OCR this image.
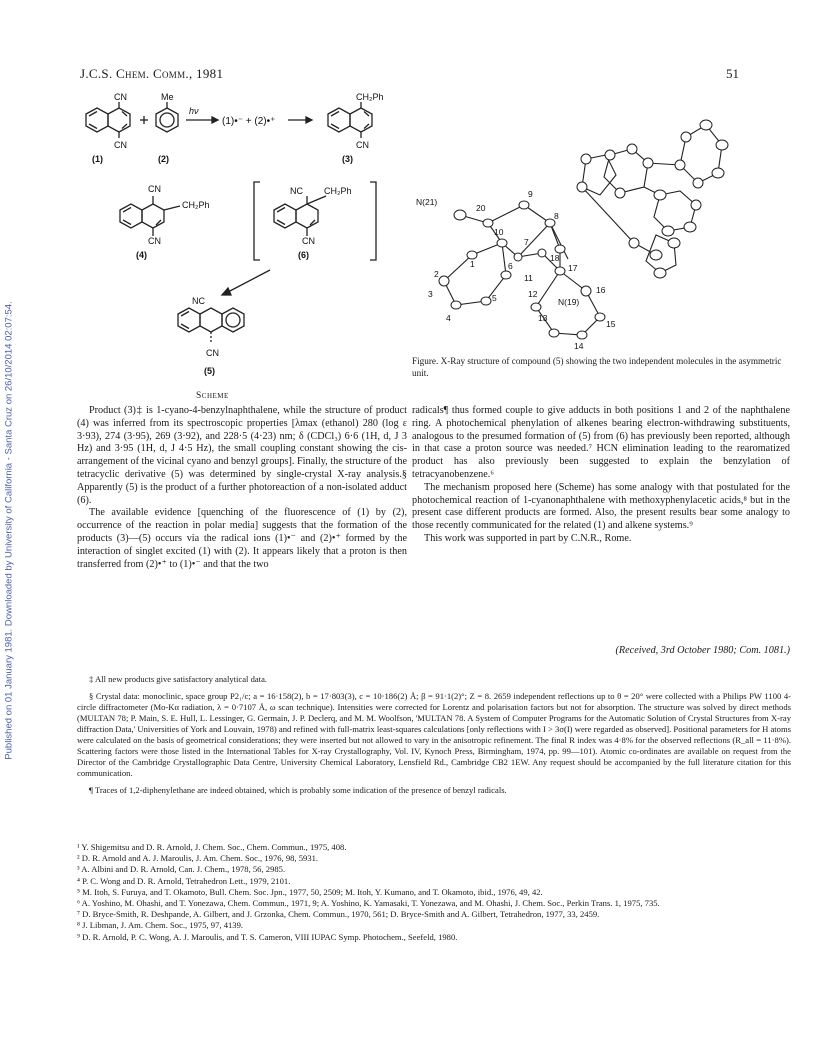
Published on 01 January 1981. Downloaded by University of California - Santa Cruz on 26/10/2014 02:07:54.
J.C.S. Chem. Comm., 1981	51
CN
CN
Me
hν
(1)•⁻ + (2)•⁺
CH₂Ph
CN
CN
CH₂Ph
CN
NC CH₂Ph
CN
NC
CN
(1)	(2)	(3)
(4)	(6)
(5)
Scheme
N(21)
20
9
10
8
7
1
2
6
11
18
17
3	5	12	16
4
N(19)
13
15
14
Figure. X-Ray structure of compound (5) showing the two independent molecules in the asymmetric unit.

Product (3)‡ is 1-cyano-4-benzylnaphthalene, while the structure of product (4) was inferred from its spectroscopic properties [λmax (ethanol) 280 (log ε 3·93), 274 (3·95), 269 (3·92), and 228·5 (4·23) nm; δ (CDCl₃) 6·6 (1H, d, J 3 Hz) and 3·95 (1H, d, J 4·5 Hz), the small coupling constant showing the cis-arrangement of the vicinal cyano and benzyl groups]. Finally, the structure of the tetracyclic derivative (5) was determined by single-crystal X-ray analysis.§ Apparently (5) is the product of a further photoreaction of a non-isolated adduct (6).

The available evidence [quenching of the fluorescence of (1) by (2), occurrence of the reaction in polar media] suggests that the formation of the products (3)—(5) occurs via the radical ions (1)•⁻ and (2)•⁺ formed by the interaction of singlet excited (1) with (2). It appears likely that a proton is then transferred from (2)•⁺ to (1)•⁻ and that the two

radicals¶ thus formed couple to give adducts in both positions 1 and 2 of the naphthalene ring. A photochemical phenylation of alkenes bearing electron-withdrawing substituents, analogous to the presumed formation of (5) from (6) has previously been reported, although in that case a proton source was needed.⁷ HCN elimination leading to the rearomatized product has also previously been suggested to explain the benzylation of tetracyanobenzene.⁶

The mechanism proposed here (Scheme) has some analogy with that postulated for the photochemical reaction of 1-cyanonaphthalene with methoxyphenylacetic acids,⁸ but in the present case different products are formed. Also, the present results bear some analogy to those recently communicated for the related (1) and alkene systems.⁹

This work was supported in part by C.N.R., Rome.

(Received, 3rd October 1980; Com. 1081.)

‡ All new products give satisfactory analytical data.

§ Crystal data: monoclinic, space group P2₁/c; a = 16·158(2), b = 17·803(3), c = 10·186(2) Å; β = 91·1(2)°; Z = 8. 2659 independent reflections up to θ = 20° were collected with a Philips PW 1100 4-circle diffractometer (Mo-Kα radiation, λ = 0·7107 Å, ω scan technique). Intensities were corrected for Lorentz and polarisation factors but not for absorption. The structure was solved by direct methods (MULTAN 78; P. Main, S. E. Hull, L. Lessinger, G. Germain, J. P. Declerq, and M. M. Woolfson, 'MULTAN 78. A System of Computer Programs for the Automatic Solution of Crystal Structures from X-ray diffraction Data,' Universities of York and Louvain, 1978) and refined with full-matrix least-squares calculations [only reflections with I > 3σ(I) were regarded as observed]. Positional parameters for H atoms were calculated on the basis of geometrical considerations; they were inserted but not allowed to vary in the anisotropic refinement. The final R index was 4·8% for the observed reflections (R_all = 11·8%). Scattering factors were those listed in the International Tables for X-ray Crystallography, Vol. IV, Kynoch Press, Birmingham, 1974, pp. 99—101). Atomic co-ordinates are available on request from the Director of the Cambridge Crystallographic Data Centre, University Chemical Laboratory, Lensfield Rd., Cambridge CB2 1EW. Any request should be accompanied by the full literature citation for this communication.

¶ Traces of 1,2-diphenylethane are indeed obtained, which is probably some indication of the presence of benzyl radicals.

¹ Y. Shigemitsu and D. R. Arnold, J. Chem. Soc., Chem. Commun., 1975, 408.
² D. R. Arnold and A. J. Maroulis, J. Am. Chem. Soc., 1976, 98, 5931.
³ A. Albini and D. R. Arnold, Can. J. Chem., 1978, 56, 2985.
⁴ P. C. Wong and D. R. Arnold, Tetrahedron Lett., 1979, 2101.
⁵ M. Itoh, S. Furuya, and T. Okamoto, Bull. Chem. Soc. Jpn., 1977, 50, 2509; M. Itoh, Y. Kumano, and T. Okamoto, ibid., 1976, 49, 42.
⁶ A. Yoshino, M. Ohashi, and T. Yonezawa, Chem. Commun., 1971, 9; A. Yoshino, K. Yamasaki, T. Yonezawa, and M. Ohashi, J. Chem. Soc., Perkin Trans. 1, 1975, 735.
⁷ D. Bryce-Smith, R. Deshpande, A. Gilbert, and J. Grzonka, Chem. Commun., 1970, 561; D. Bryce-Smith and A. Gilbert, Tetrahedron, 1977, 33, 2459.
⁸ J. Libman, J. Am. Chem. Soc., 1975, 97, 4139.
⁹ D. R. Arnold, P. C. Wong, A. J. Maroulis, and T. S. Cameron, VIII IUPAC Symp. Photochem., Seefeld, 1980.
